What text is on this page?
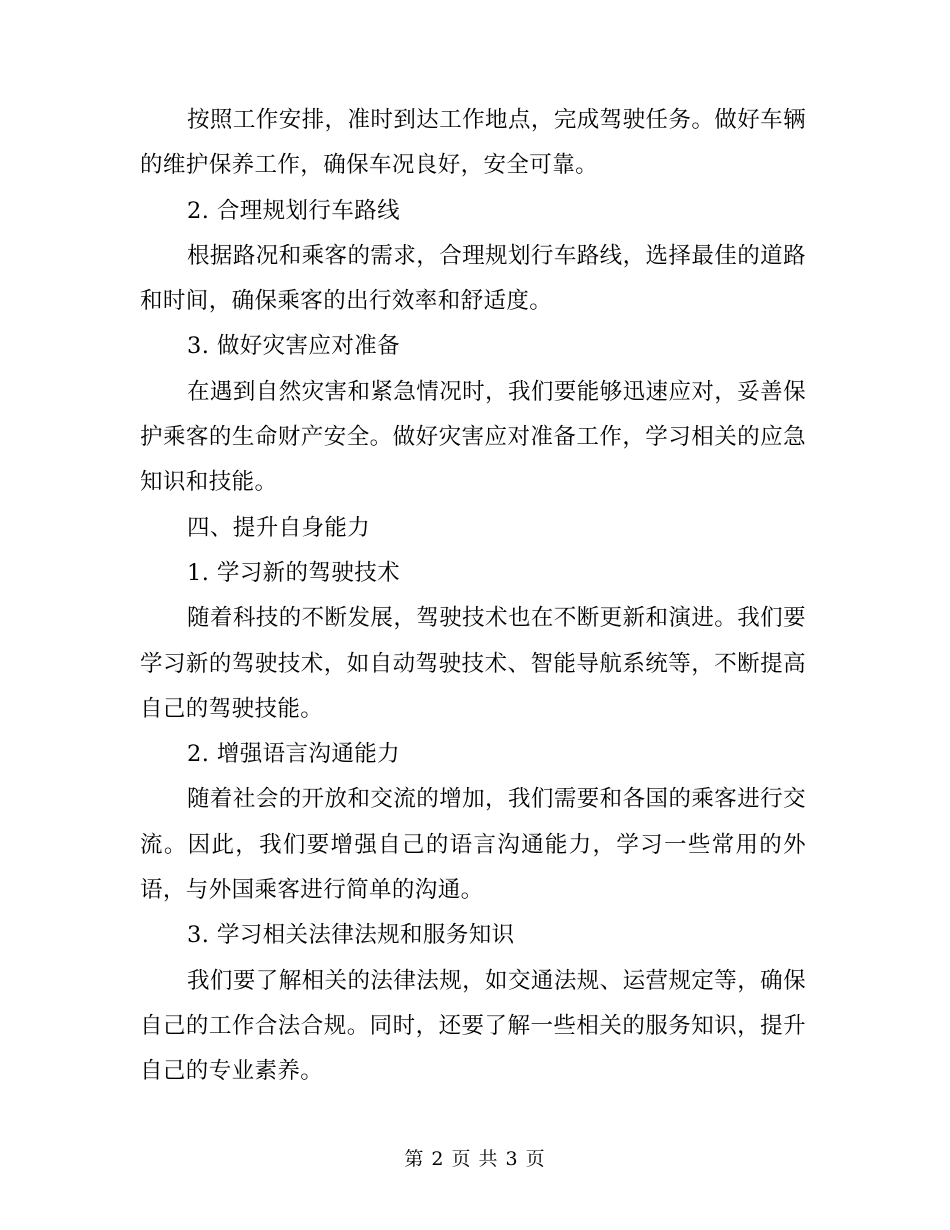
按照工作安排，准时到达工作地点，完成驾驶任务。做好车辆的维护保养工作，确保车况良好，安全可靠。

2. 合理规划行车路线

根据路况和乘客的需求，合理规划行车路线，选择最佳的道路和时间，确保乘客的出行效率和舒适度。

3. 做好灾害应对准备

在遇到自然灾害和紧急情况时，我们要能够迅速应对，妥善保护乘客的生命财产安全。做好灾害应对准备工作，学习相关的应急知识和技能。

四、提升自身能力

1. 学习新的驾驶技术

随着科技的不断发展，驾驶技术也在不断更新和演进。我们要学习新的驾驶技术，如自动驾驶技术、智能导航系统等，不断提高自己的驾驶技能。

2. 增强语言沟通能力

随着社会的开放和交流的增加，我们需要和各国的乘客进行交流。因此，我们要增强自己的语言沟通能力，学习一些常用的外语，与外国乘客进行简单的沟通。

3. 学习相关法律法规和服务知识

我们要了解相关的法律法规，如交通法规、运营规定等，确保自己的工作合法合规。同时，还要了解一些相关的服务知识，提升自己的专业素养。

第 2 页 共 3 页
